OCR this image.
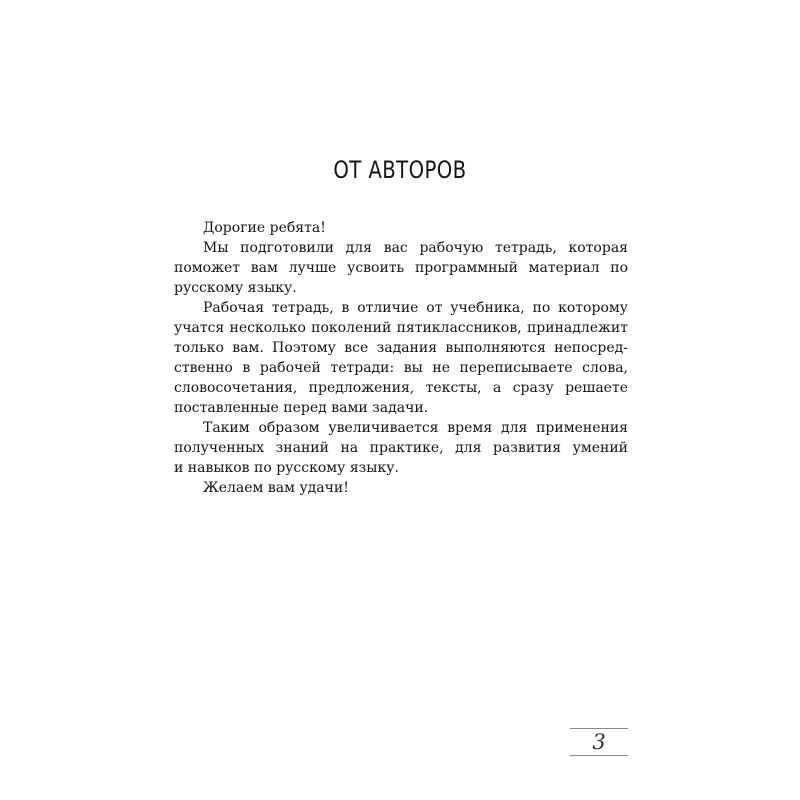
ОТ АВТОРОВ
Дорогие ребята!
Мы подготовили для вас рабочую тетрадь, которая
поможет вам лучше усвоить программный материал по
русскому языку.
Рабочая тетрадь, в отличие от учебника, по которому
учатся несколько поколений пятиклассников, принадлежит
только вам. Поэтому все задания выполняются непосред-
ственно в рабочей тетради: вы не переписываете слова,
словосочетания, предложения, тексты, а сразу решаете
поставленные перед вами задачи.
Таким образом увеличивается время для применения
полученных знаний на практике, для развития умений
и навыков по русскому языку.
Желаем вам удачи!
3
